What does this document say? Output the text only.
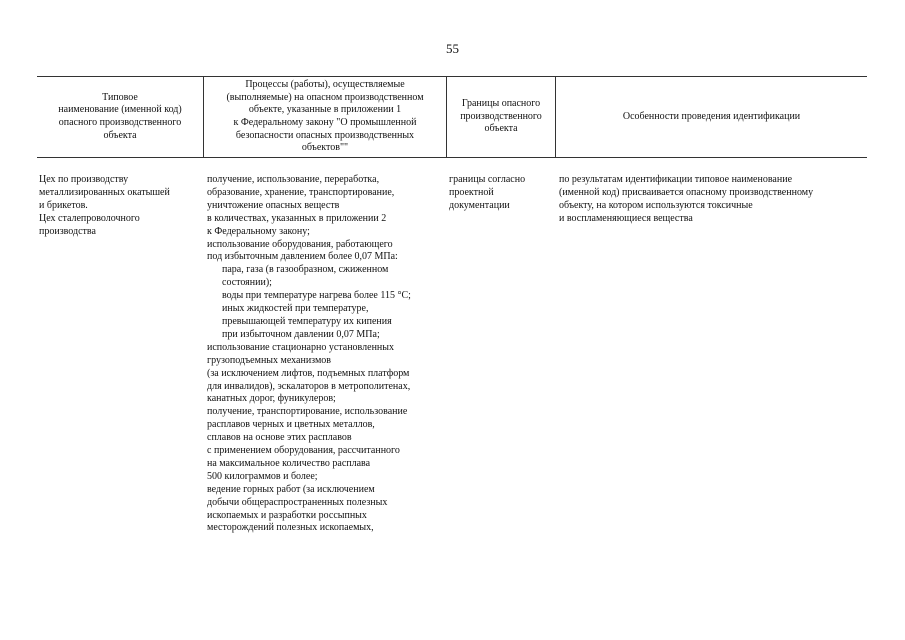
55
Типовое
наименование (именной код)
опасного производственного
объекта
Процессы (работы), осуществляемые
(выполняемые) на опасном производственном
объекте, указанные в приложении 1
к Федеральному закону "О промышленной
безопасности опасных производственных
объектов""
Границы опасного
производственного
объекта
Особенности проведения идентификации
Цех по производству
металлизированных окатышей
и брикетов.
Цех сталепроволочного
производства
получение, использование, переработка,
образование, хранение, транспортирование,
уничтожение опасных веществ
в количествах, указанных в приложении 2
к Федеральному закону;
использование оборудования, работающего
под избыточным давлением более 0,07 МПа:
пара, газа (в газообразном, сжиженном
состоянии);
воды при температуре нагрева более 115 °С;
иных жидкостей при температуре,
превышающей температуру их кипения
при избыточном давлении 0,07 МПа;
использование стационарно установленных
грузоподъемных механизмов
(за исключением лифтов, подъемных платформ
для инвалидов), эскалаторов в метрополитенах,
канатных дорог, фуникулеров;
получение, транспортирование, использование
расплавов черных и цветных металлов,
сплавов на основе этих расплавов
с применением оборудования, рассчитанного
на максимальное количество расплава
500 килограммов и более;
ведение горных работ (за исключением
добычи общераспространенных полезных
ископаемых и разработки россыпных
месторождений полезных ископаемых,
границы согласно
проектной
документации
по результатам идентификации типовое наименование
(именной код) присваивается опасному производственному
объекту, на котором используются токсичные
и воспламеняющиеся вещества
